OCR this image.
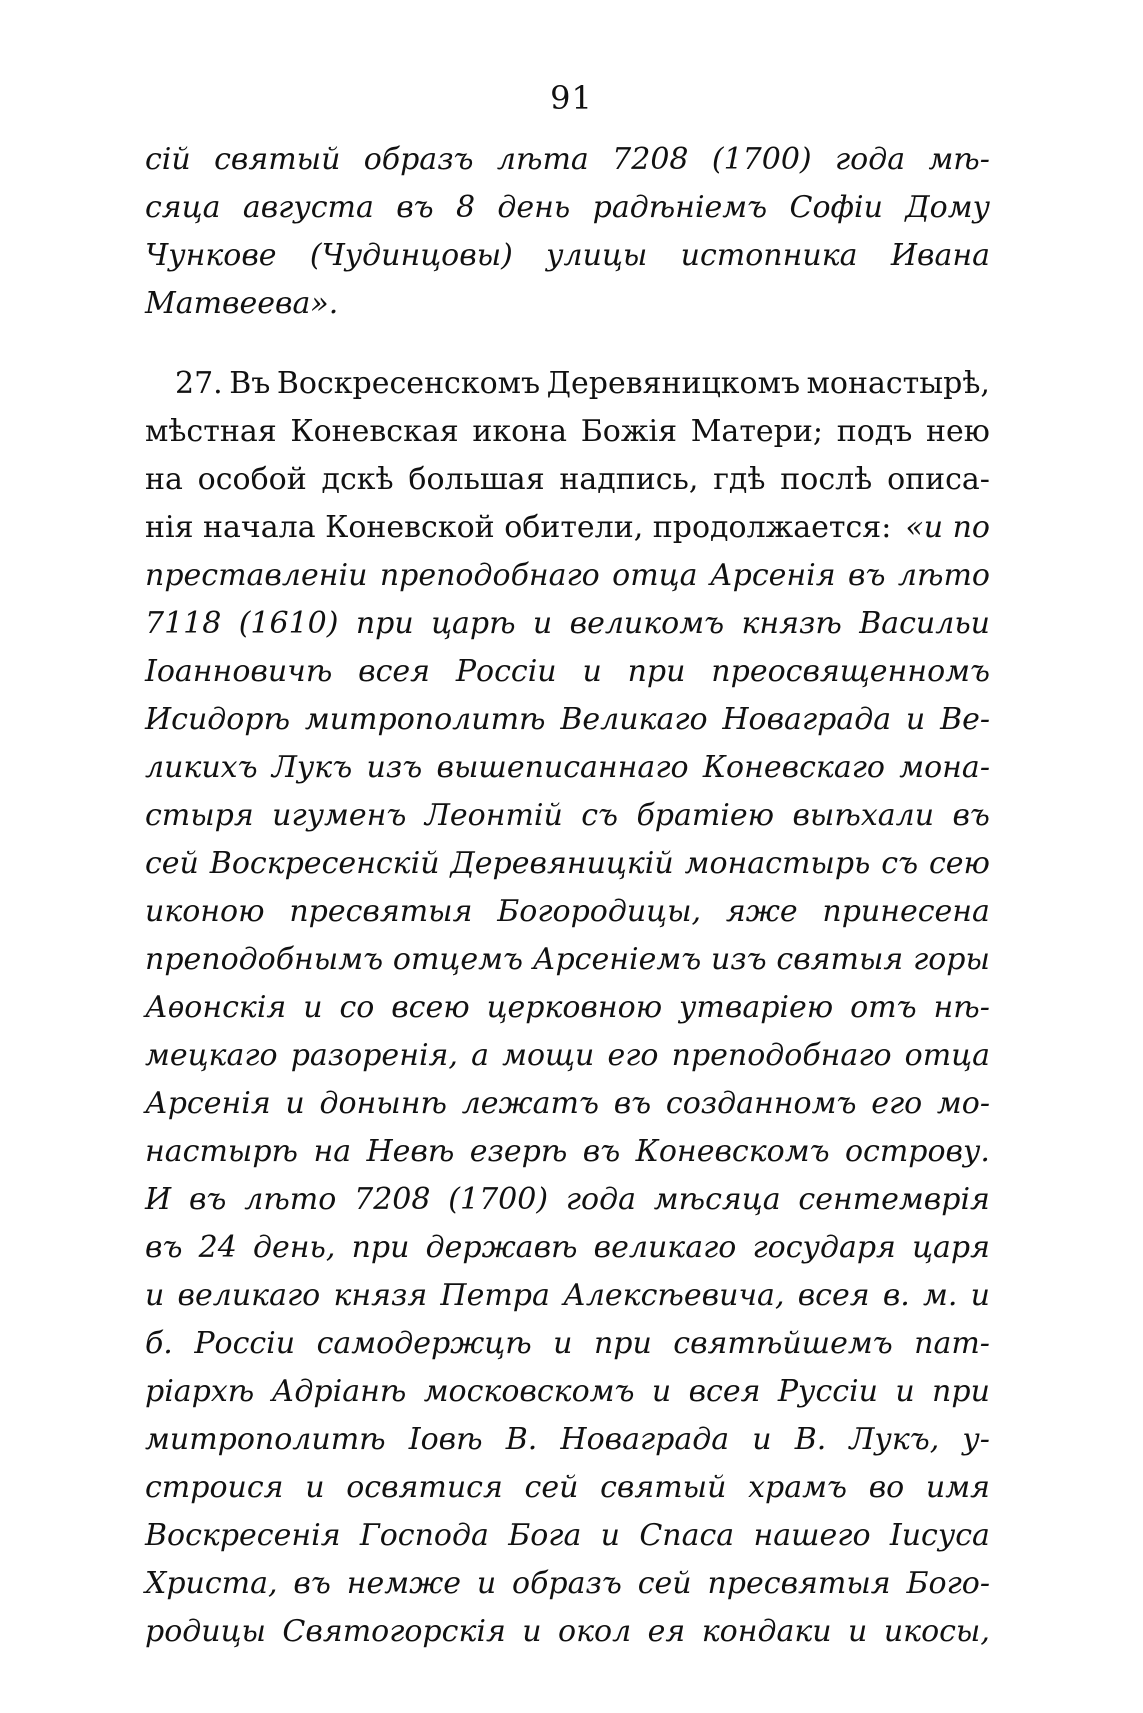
91
сій святый образъ лѣта 7208 (1700) года мѣ-
сяца августа въ 8 день радѣніемъ Софіи Дому
Чункове (Чудинцовы) улицы истопника Ивана
Матвеева».
27. Въ Воскресенскомъ Деревяницкомъ монастырѣ,
мѣстная Коневская икона Божія Матери; подъ нею
на особой дскѣ большая надпись, гдѣ послѣ описа-
нія начала Коневской обители, продолжается: «и по
преставленіи преподобнаго отца Арсенія въ лѣто
7118 (1610) при царѣ и великомъ князѣ Васильи
Іоанновичѣ всея Россіи и при преосвященномъ
Исидорѣ митрополитѣ Великаго Новаграда и Ве-
ликихъ Лукъ изъ вышеписаннаго Коневскаго мона-
стыря игуменъ Леонтій съ братіею выѣхали въ
сей Воскресенскій Деревяницкій монастырь съ сею
иконою пресвятыя Богородицы, яже принесена
преподобнымъ отцемъ Арсеніемъ изъ святыя горы
Аѳонскія и со всею церковною утваріею отъ нѣ-
мецкаго разоренія, а мощи его преподобнаго отца
Арсенія и донынѣ лежатъ въ созданномъ его мо-
настырѣ на Невѣ езерѣ въ Коневскомъ острову.
И въ лѣто 7208 (1700) года мѣсяца сентемврія
въ 24 день, при державѣ великаго государя царя
и великаго князя Петра Алексѣевича, всея в. м. и
б. Россіи самодержцѣ и при святѣйшемъ пат-
ріархѣ Адріанѣ московскомъ и всея Руссіи и при
митрополитѣ Іовѣ В. Новаграда и В. Лукъ, у-
строися и освятися сей святый храмъ во имя
Воскресенія Господа Бога и Спаса нашего Іисуса
Христа, въ немже и образъ сей пресвятыя Бого-
родицы Святогорскія и окол ея кондаки и икосы,
